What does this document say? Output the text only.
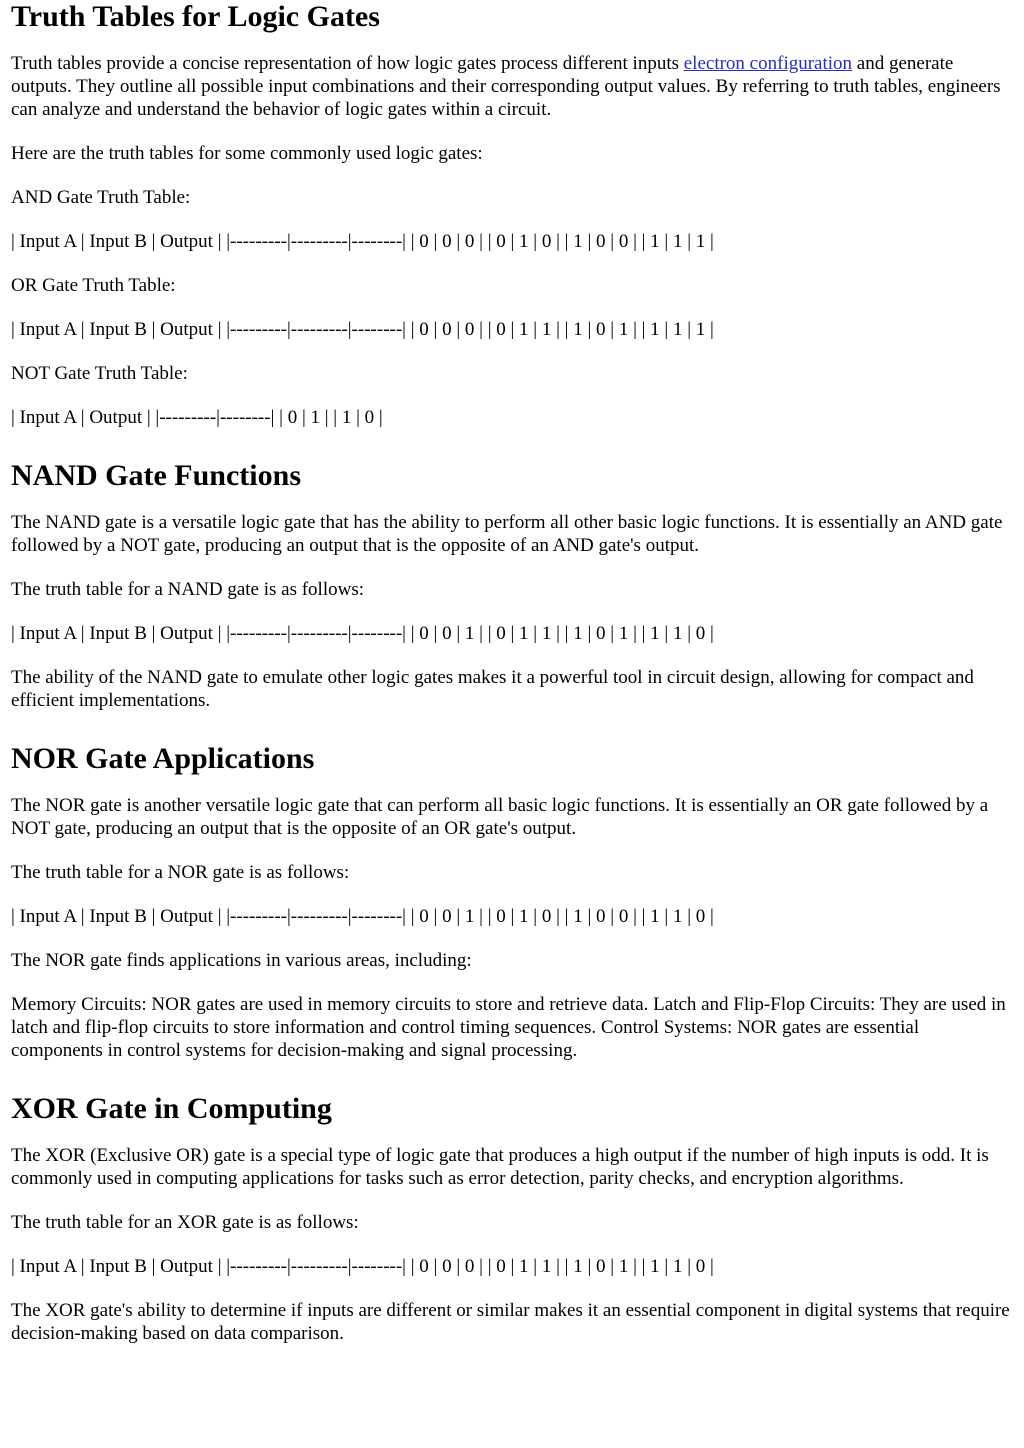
Truth Tables for Logic Gates

Truth tables provide a concise representation of how logic gates process different inputs electron configuration and generate outputs. They outline all possible input combinations and their corresponding output values. By referring to truth tables, engineers can analyze and understand the behavior of logic gates within a circuit.

Here are the truth tables for some commonly used logic gates:

AND Gate Truth Table:

| Input A | Input B | Output | |---------|---------|--------| | 0 | 0 | 0 | | 0 | 1 | 0 | | 1 | 0 | 0 | | 1 | 1 | 1 |

OR Gate Truth Table:

| Input A | Input B | Output | |---------|---------|--------| | 0 | 0 | 0 | | 0 | 1 | 1 | | 1 | 0 | 1 | | 1 | 1 | 1 |

NOT Gate Truth Table:

| Input A | Output | |---------|--------| | 0 | 1 | | 1 | 0 |

NAND Gate Functions

The NAND gate is a versatile logic gate that has the ability to perform all other basic logic functions. It is essentially an AND gate followed by a NOT gate, producing an output that is the opposite of an AND gate's output.

The truth table for a NAND gate is as follows:

| Input A | Input B | Output | |---------|---------|--------| | 0 | 0 | 1 | | 0 | 1 | 1 | | 1 | 0 | 1 | | 1 | 1 | 0 |

The ability of the NAND gate to emulate other logic gates makes it a powerful tool in circuit design, allowing for compact and efficient implementations.

NOR Gate Applications

The NOR gate is another versatile logic gate that can perform all basic logic functions. It is essentially an OR gate followed by a NOT gate, producing an output that is the opposite of an OR gate's output.

The truth table for a NOR gate is as follows:

| Input A | Input B | Output | |---------|---------|--------| | 0 | 0 | 1 | | 0 | 1 | 0 | | 1 | 0 | 0 | | 1 | 1 | 0 |

The NOR gate finds applications in various areas, including:

Memory Circuits: NOR gates are used in memory circuits to store and retrieve data. Latch and Flip-Flop Circuits: They are used in latch and flip-flop circuits to store information and control timing sequences. Control Systems: NOR gates are essential components in control systems for decision-making and signal processing.

XOR Gate in Computing

The XOR (Exclusive OR) gate is a special type of logic gate that produces a high output if the number of high inputs is odd. It is commonly used in computing applications for tasks such as error detection, parity checks, and encryption algorithms.

The truth table for an XOR gate is as follows:

| Input A | Input B | Output | |---------|---------|--------| | 0 | 0 | 0 | | 0 | 1 | 1 | | 1 | 0 | 1 | | 1 | 1 | 0 |

The XOR gate's ability to determine if inputs are different or similar makes it an essential component in digital systems that require decision-making based on data comparison.
